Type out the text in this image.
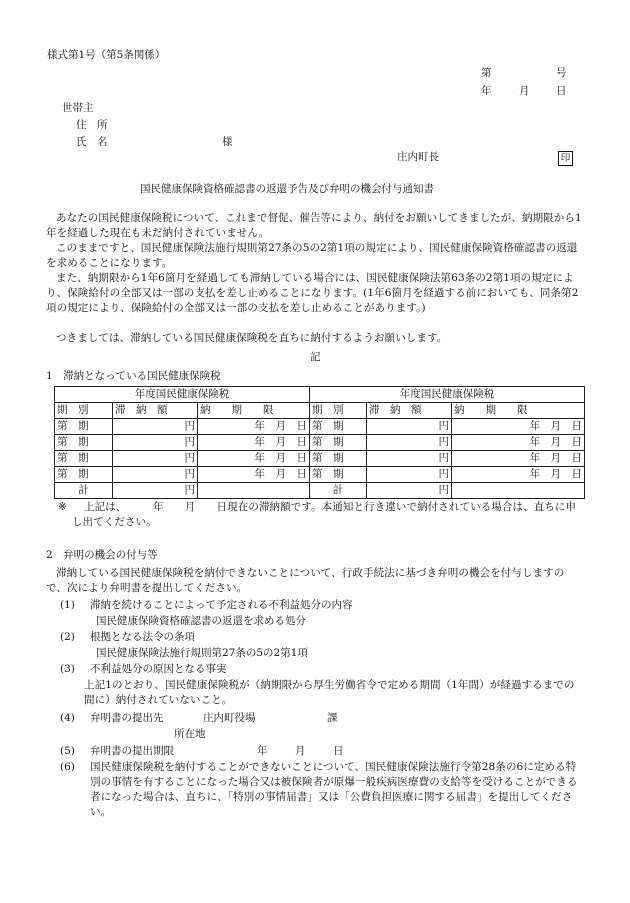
様式第1号（第5条関係）
第	号
年	月	日
世帯主
住　所
氏　名	様
庄内町長	印
国民健康保険資格確認書の返還予告及び弁明の機会付与通知書
あなたの国民健康保険税について、これまで督促、催告等により、納付をお願いしてきましたが、納期限から1年を経過した現在も未だ納付されていません。
このままですと、国民健康保険法施行規則第27条の5の2第1項の規定により、国民健康保険資格確認書の返還を求めることになります。
また、納期限から1年6箇月を経過しても滞納している場合には、国民健康保険法第63条の2第1項の規定により、保険給付の全部又は一部の支払を差し止めることになります。(1年6箇月を経過する前においても、同条第2項の規定により、保険給付の全部又は一部の支払を差し止めることがあります。)
つきましては、滞納している国民健康保険税を直ちに納付するようお願いします。
記
1　滞納となっている国民健康保険税
年度国民健康保険税			年度国民健康保険税		
期　別	滞　納　額	納　　期　　限	期　別	滞　納　額	納　　期　　限
第　期	円	年　月　日	第　期	円	年　月　日
第　期	円	年　月　日	第　期	円	年　月　日
第　期	円	年　月　日	第　期	円	年　月　日
第　期	円	年　月　日	第　期	円	年　月　日
計	円		計	円	
※	上記は、　　　年　　月　　日現在の滞納額です。本通知と行き違いで納付されている場合は、直ちに申し出てください。
2　弁明の機会の付与等
滞納している国民健康保険税を納付できないことについて、行政手続法に基づき弁明の機会を付与しますので、次により弁明書を提出してください。
(1) 滞納を続けることによって予定される不利益処分の内容
国民健康保険資格確認書の返還を求める処分
(2) 根拠となる法令の条項
国民健康保険法施行規則第27条の5の2第1項
(3) 不利益処分の原因となる事実
上記1のとおり、国民健康保険税が（納期限から厚生労働省令で定める期間（1年間）が経過するまでの間に）納付されていないこと。
(4) 弁明書の提出先	庄内町役場	課
所在地
(5) 弁明書の提出期限	年	月	日
(6) 国民健康保険税を納付することができないことについて、国民健康保険法施行令第28条の6に定める特別の事情を有することになった場合又は被保険者が原爆一般疾病医療費の支給等を受けることができる者になった場合は、直ちに、「特別の事情届書」又は「公費負担医療に関する届書」を提出してください。
